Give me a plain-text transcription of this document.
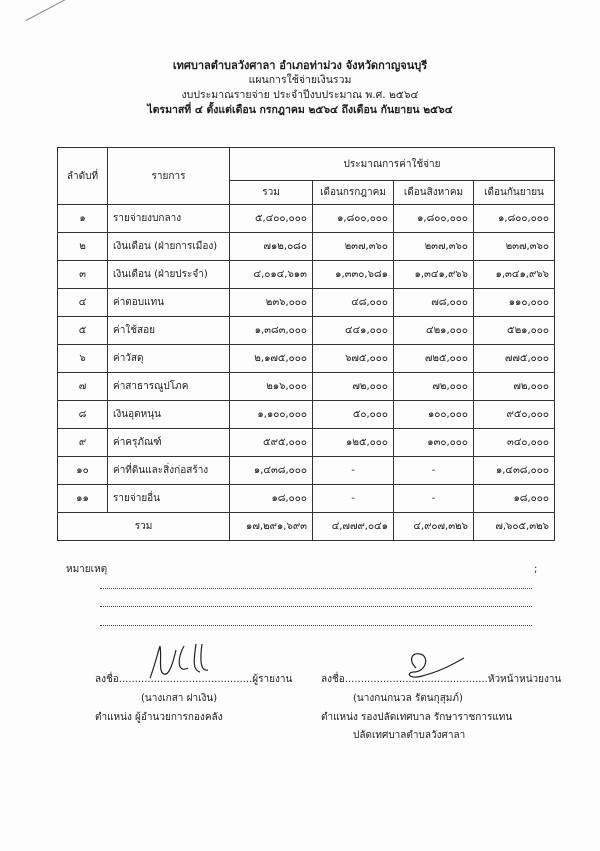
เทศบาลตำบลวังศาลา อำเภอท่าม่วง จังหวัดกาญจนบุรี
แผนการใช้จ่ายเงินรวม
งบประมาณรายจ่าย ประจำปีงบประมาณ พ.ศ. ๒๕๖๔
ไตรมาสที่ ๔ ตั้งแต่เดือน กรกฎาคม ๒๕๖๔ ถึงเดือน กันยายน ๒๕๖๔
ลำดับที่	รายการ	ประมาณการค่าใช้จ่าย			
		รวม	เดือนกรกฎาคม	เดือนสิงหาคม	เดือนกันยายน
๑	รายจ่ายงบกลาง	๕,๔๐๐,๐๐๐	๑,๘๐๐,๐๐๐	๑,๘๐๐,๐๐๐	๑,๘๐๐,๐๐๐
๒	เงินเดือน (ฝ่ายการเมือง)	๗๑๒,๐๘๐	๒๓๗,๓๖๐	๒๓๗,๓๖๐	๒๓๗,๓๖๐
๓	เงินเดือน (ฝ่ายประจำ)	๔,๐๑๔,๖๑๓	๑,๓๓๐,๖๘๑	๑,๓๔๑,๙๖๖	๑,๓๔๑,๙๖๖
๔	ค่าตอบแทน	๒๓๖,๐๐๐	๔๘,๐๐๐	๗๘,๐๐๐	๑๑๐,๐๐๐
๕	ค่าใช้สอย	๑,๓๘๓,๐๐๐	๔๔๑,๐๐๐	๔๒๑,๐๐๐	๕๒๑,๐๐๐
๖	ค่าวัสดุ	๒,๑๗๕,๐๐๐	๖๗๕,๐๐๐	๗๒๕,๐๐๐	๗๗๕,๐๐๐
๗	ค่าสาธารณูปโภค	๒๑๖,๐๐๐	๗๒,๐๐๐	๗๒,๐๐๐	๗๒,๐๐๐
๘	เงินอุดหนุน	๑,๑๐๐,๐๐๐	๕๐,๐๐๐	๑๐๐,๐๐๐	๙๕๐,๐๐๐
๙	ค่าครุภัณฑ์	๕๙๕,๐๐๐	๑๒๕,๐๐๐	๑๓๐,๐๐๐	๓๔๐,๐๐๐
๑๐	ค่าที่ดินและสิ่งก่อสร้าง	๑,๔๓๘,๐๐๐	-	-	๑,๔๓๘,๐๐๐
๑๑	รายจ่ายอื่น	๑๘,๐๐๐	-	-	๑๘,๐๐๐
รวม		๑๗,๒๙๑,๖๙๓	๔,๗๗๙,๐๔๑	๔,๙๐๗,๓๒๖	๗,๖๐๕,๓๒๖
หมายเหตุ	;
ลงชื่อ..........................................ผู้รายงาน
(นางเกสา ฝาเงิน)
ตำแหน่ง ผู้อำนวยการกองคลัง
ลงชื่อ.............................................หัวหน้าหน่วยงาน
(นางกนกนวล รัตนกุสุมภ์)
ตำแหน่ง รองปลัดเทศบาล รักษาราชการแทน
ปลัดเทศบาลตำบลวังศาลา
